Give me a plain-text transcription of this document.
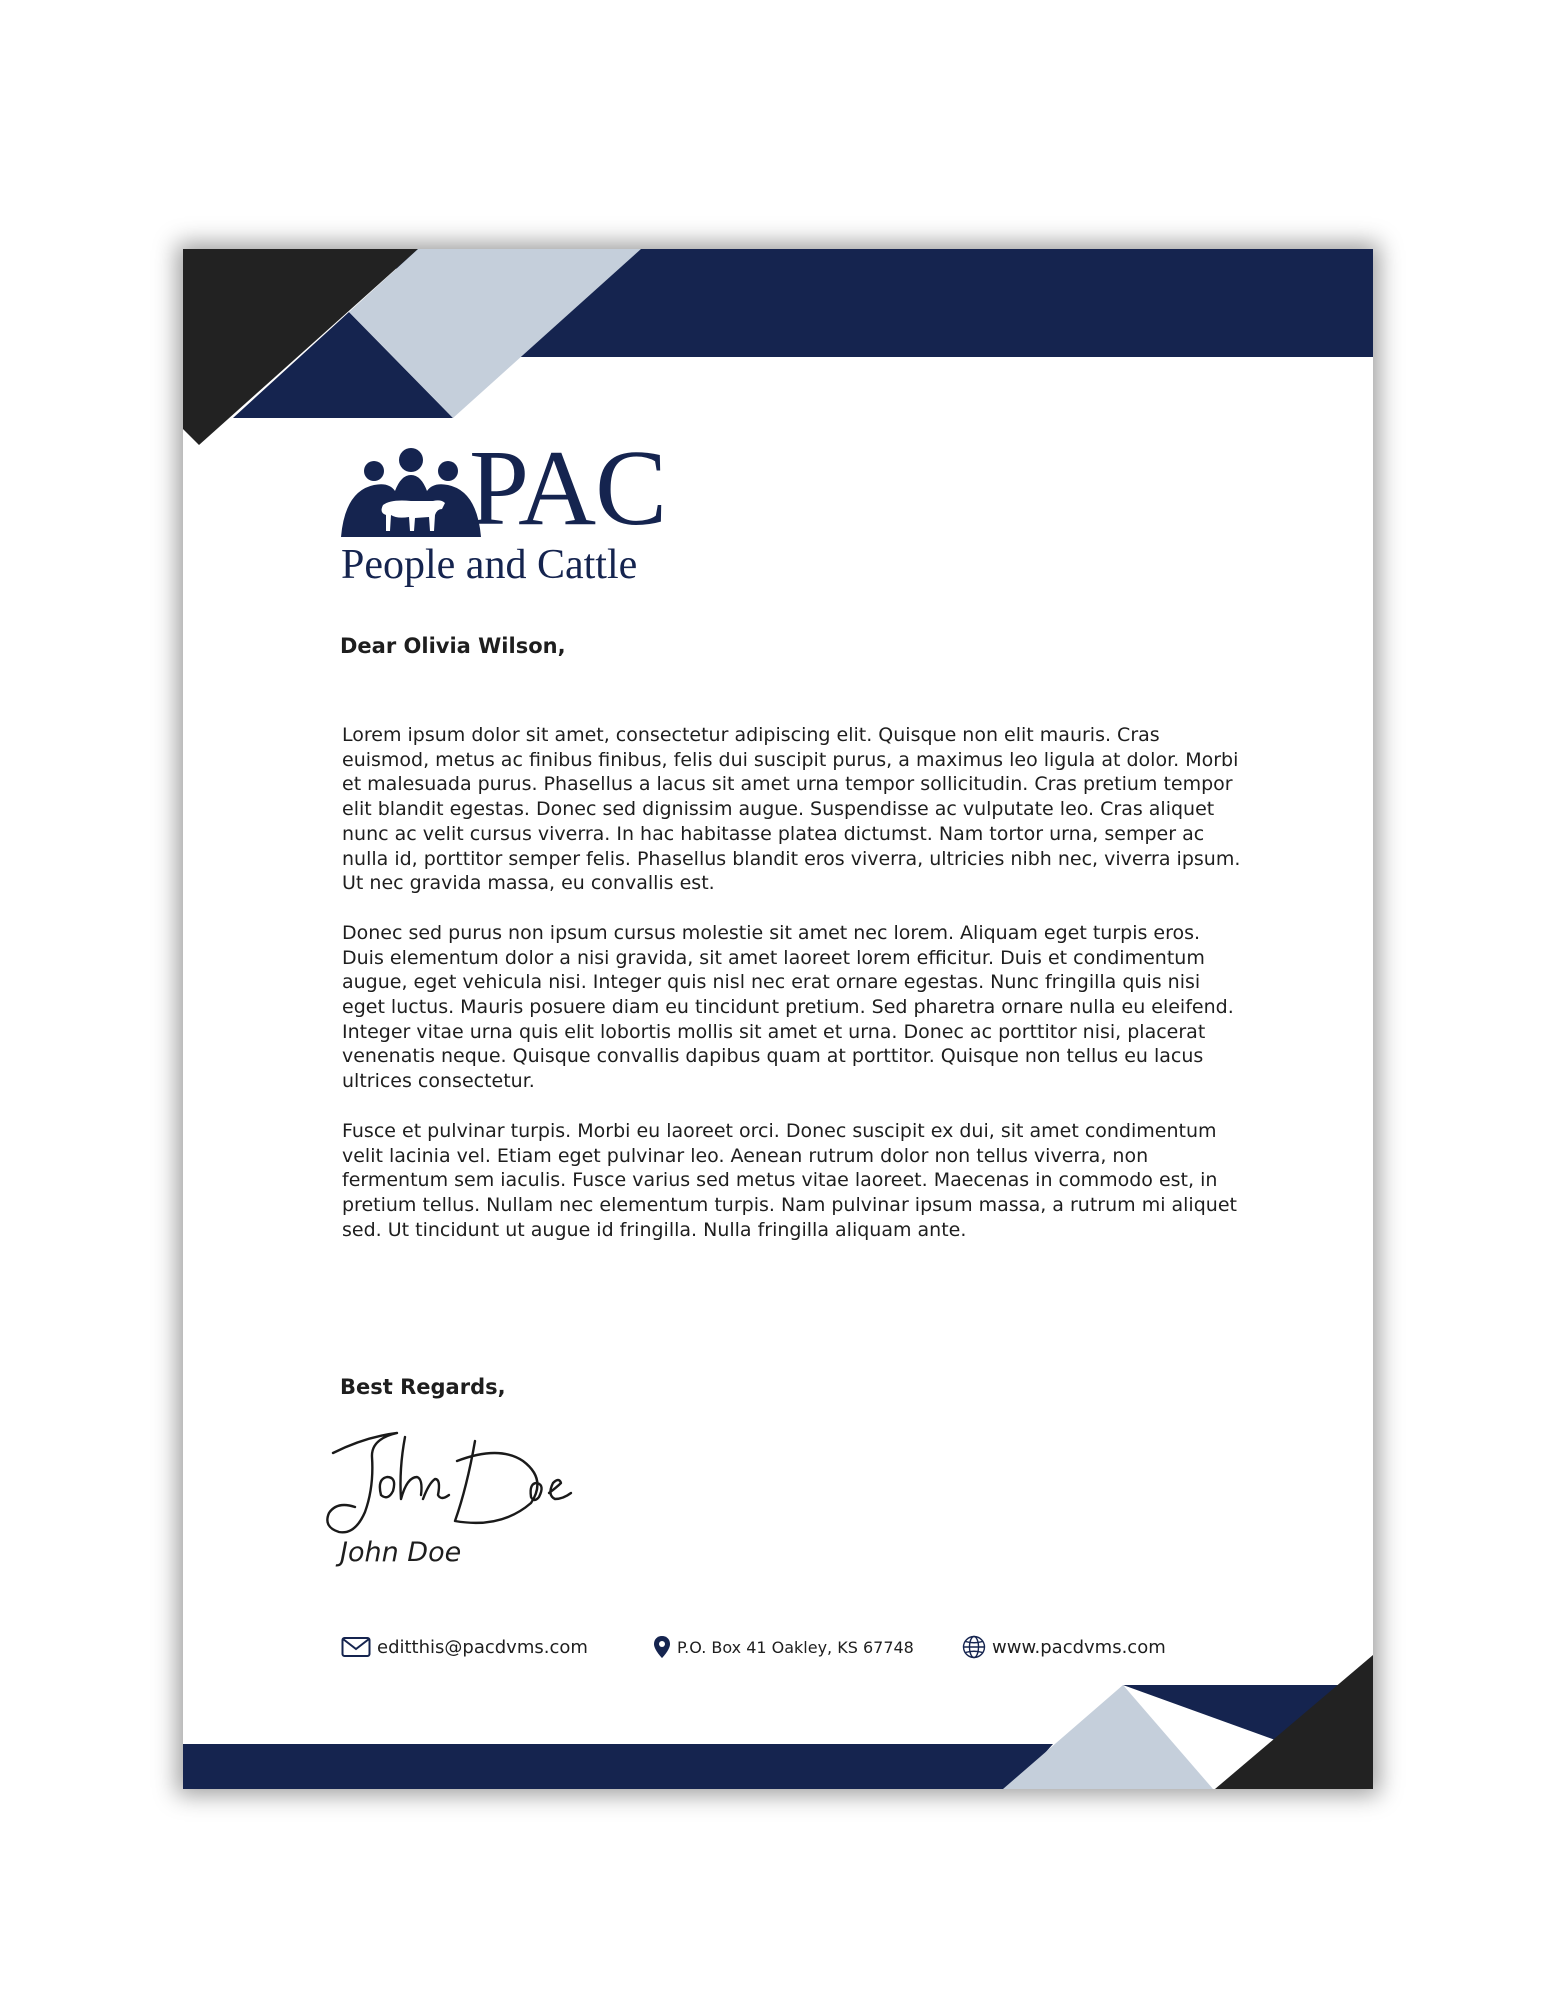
PAC
People and Cattle
Dear Olivia Wilson,

Lorem ipsum dolor sit amet, consectetur adipiscing elit. Quisque non elit mauris. Cras euismod, metus ac finibus finibus, felis dui suscipit purus, a maximus leo ligula at dolor. Morbi et malesuada purus. Phasellus a lacus sit amet urna tempor sollicitudin. Cras pretium tempor elit blandit egestas. Donec sed dignissim augue. Suspendisse ac vulputate leo. Cras aliquet nunc ac velit cursus viverra. In hac habitasse platea dictumst. Nam tortor urna, semper ac nulla id, porttitor semper felis. Phasellus blandit eros viverra, ultricies nibh nec, viverra ipsum. Ut nec gravida massa, eu convallis est.

Donec sed purus non ipsum cursus molestie sit amet nec lorem. Aliquam eget turpis eros. Duis elementum dolor a nisi gravida, sit amet laoreet lorem efficitur. Duis et condimentum augue, eget vehicula nisi. Integer quis nisl nec erat ornare egestas. Nunc fringilla quis nisi eget luctus. Mauris posuere diam eu tincidunt pretium. Sed pharetra ornare nulla eu eleifend. Integer vitae urna quis elit lobortis mollis sit amet et urna. Donec ac porttitor nisi, placerat venenatis neque. Quisque convallis dapibus quam at porttitor. Quisque non tellus eu lacus ultrices consectetur.

Fusce et pulvinar turpis. Morbi eu laoreet orci. Donec suscipit ex dui, sit amet condimentum velit lacinia vel. Etiam eget pulvinar leo. Aenean rutrum dolor non tellus viverra, non fermentum sem iaculis. Fusce varius sed metus vitae laoreet. Maecenas in commodo est, in pretium tellus. Nullam nec elementum turpis. Nam pulvinar ipsum massa, a rutrum mi aliquet sed. Ut tincidunt ut augue id fringilla. Nulla fringilla aliquam ante.

Best Regards,
John Doe
editthis@pacdvms.com	P.O. Box 41 Oakley, KS 67748	www.pacdvms.com
